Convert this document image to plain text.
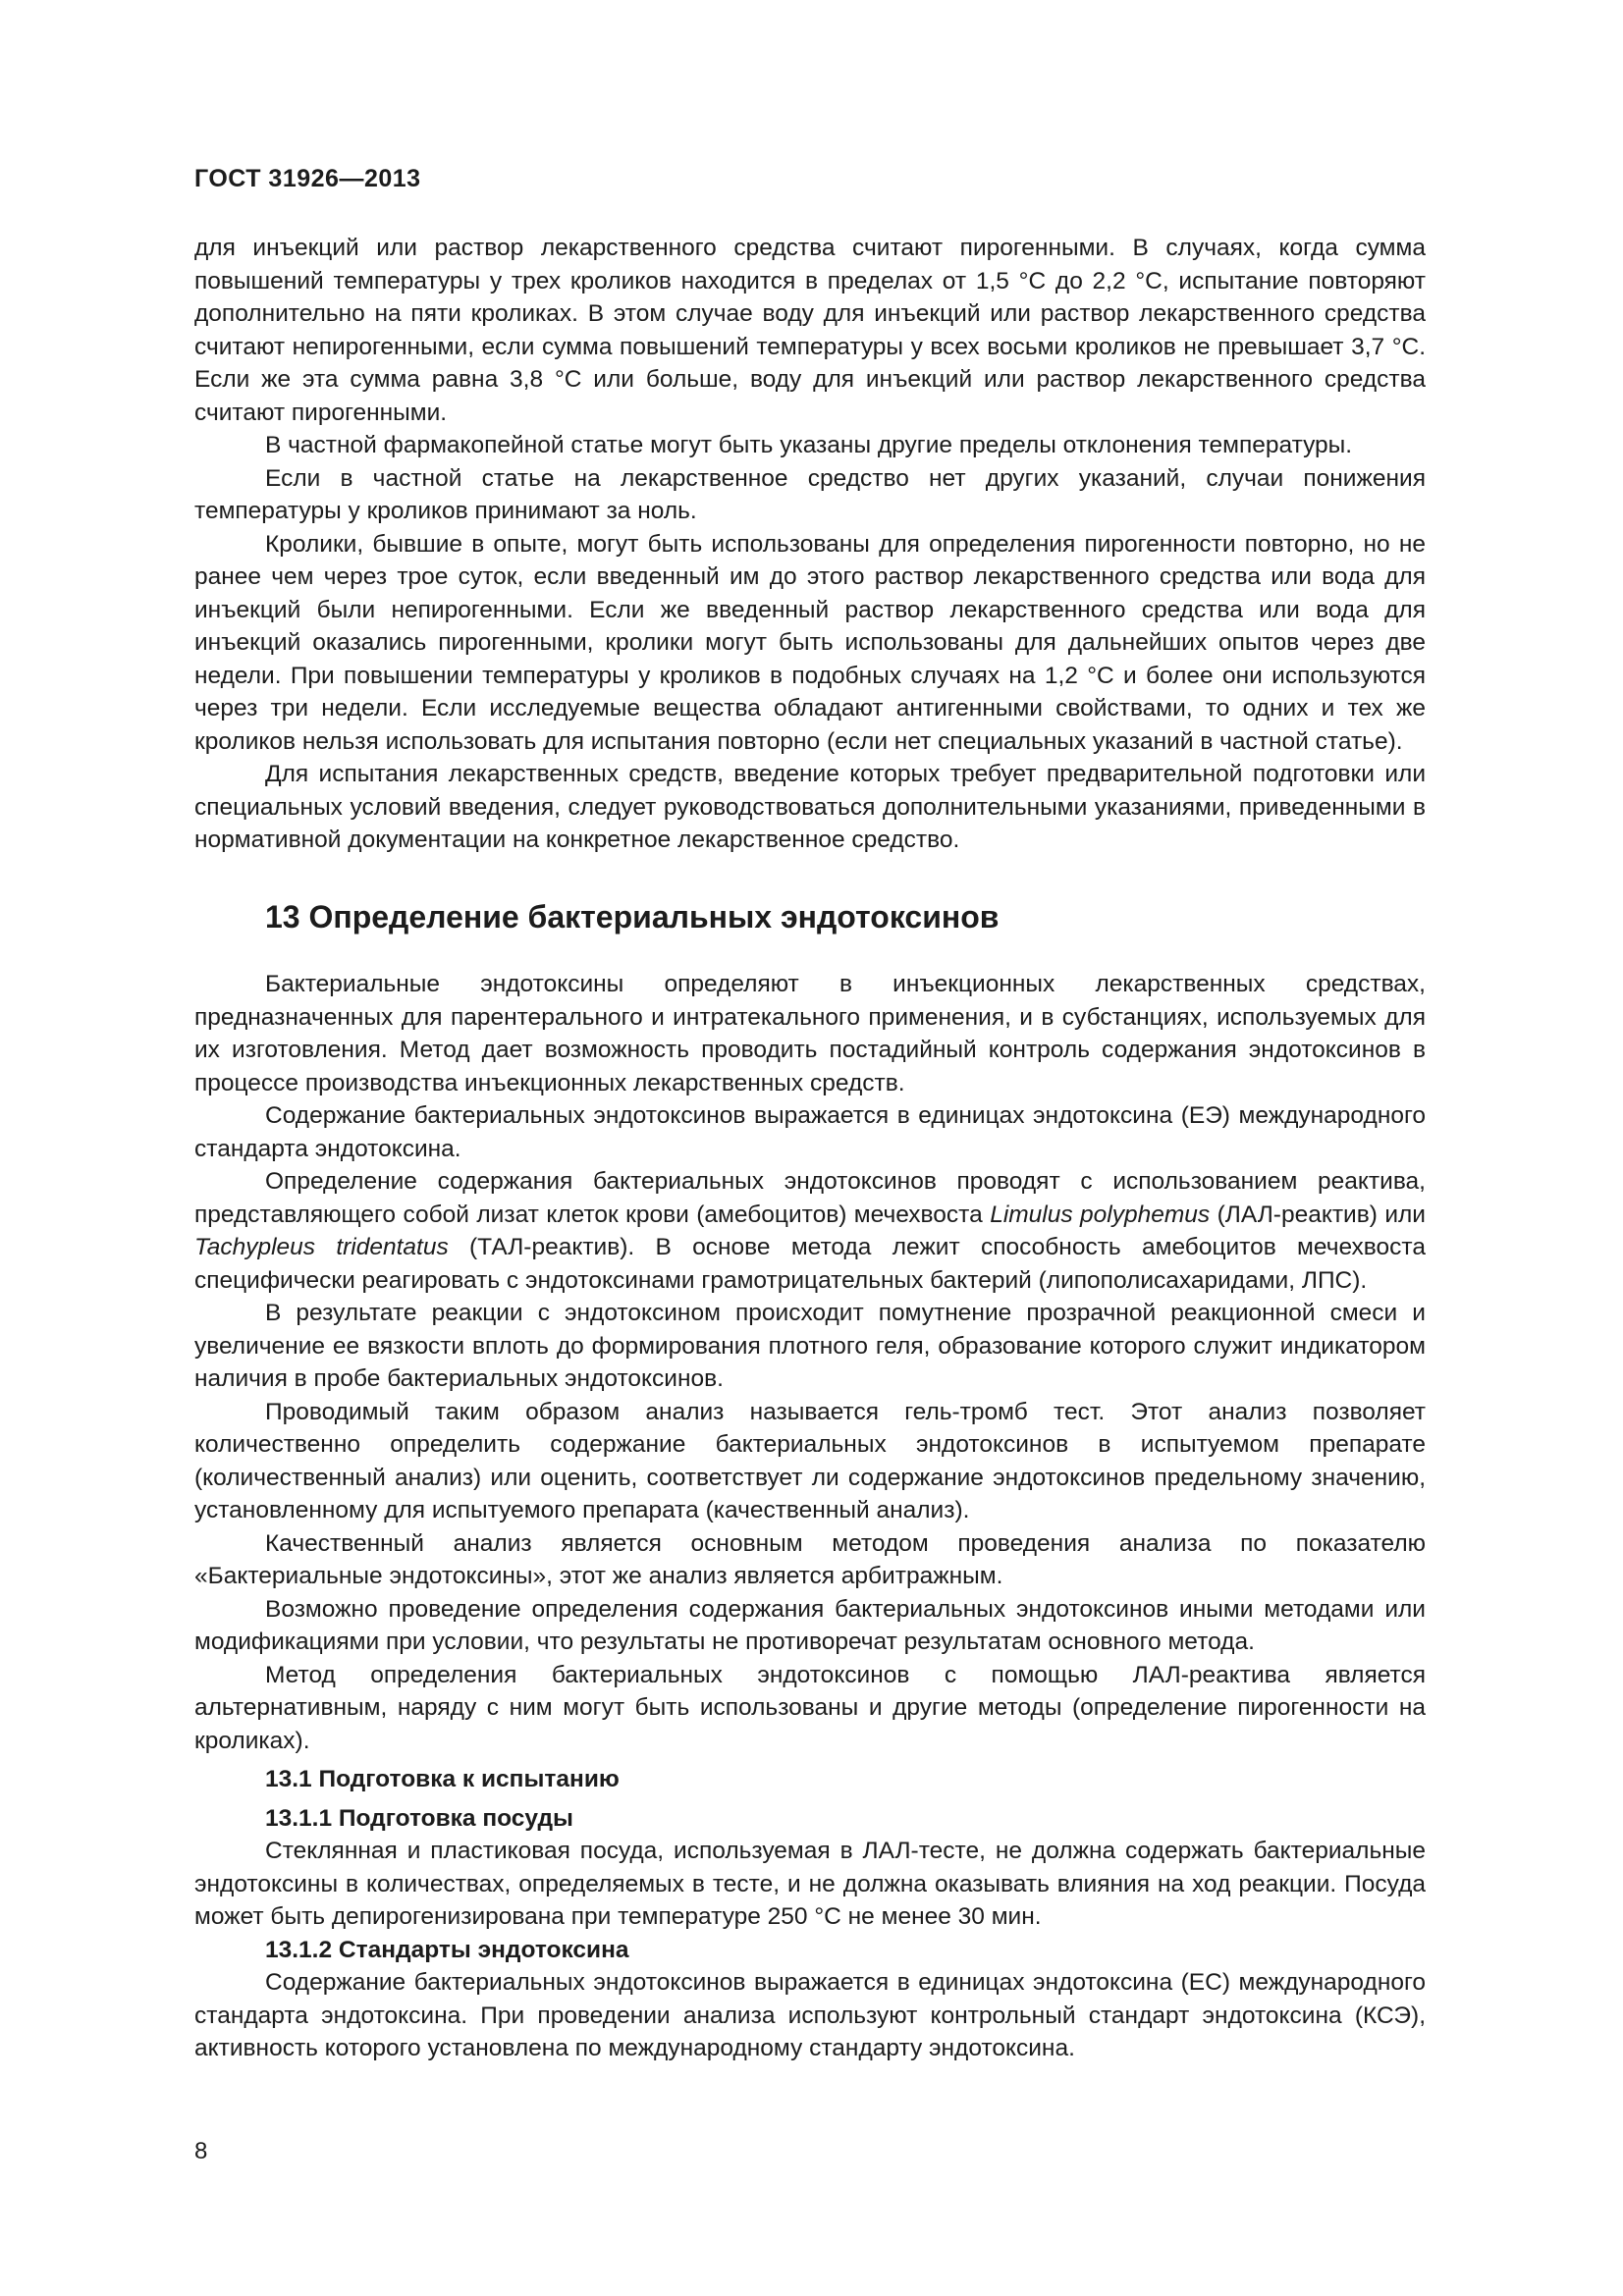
ГОСТ 31926—2013

для инъекций или раствор лекарственного средства считают пирогенными. В случаях, когда сумма повышений температуры у трех кроликов находится в пределах от 1,5 °С до 2,2 °С, испытание повторяют дополнительно на пяти кроликах. В этом случае воду для инъекций или раствор лекарственного средства считают непирогенными, если сумма повышений температуры у всех восьми кроликов не превышает 3,7 °С. Если же эта сумма равна 3,8 °С или больше, воду для инъекций или раствор лекарственного средства считают пирогенными.

В частной фармакопейной статье могут быть указаны другие пределы отклонения температуры.

Если в частной статье на лекарственное средство нет других указаний, случаи понижения температуры у кроликов принимают за ноль.

Кролики, бывшие в опыте, могут быть использованы для определения пирогенности повторно, но не ранее чем через трое суток, если введенный им до этого раствор лекарственного средства или вода для инъекций были непирогенными. Если же введенный раствор лекарственного средства или вода для инъекций оказались пирогенными, кролики могут быть использованы для дальнейших опытов через две недели. При повышении температуры у кроликов в подобных случаях на 1,2 °С и более они используются через три недели. Если исследуемые вещества обладают антигенными свойствами, то одних и тех же кроликов нельзя использовать для испытания повторно (если нет специальных указаний в частной статье).

Для испытания лекарственных средств, введение которых требует предварительной подготовки или специальных условий введения, следует руководствоваться дополнительными указаниями, приведенными в нормативной документации на конкретное лекарственное средство.

13 Определение бактериальных эндотоксинов

Бактериальные эндотоксины определяют в инъекционных лекарственных средствах, предназначенных для парентерального и интратекального применения, и в субстанциях, используемых для их изготовления. Метод дает возможность проводить постадийный контроль содержания эндотоксинов в процессе производства инъекционных лекарственных средств.

Содержание бактериальных эндотоксинов выражается в единицах эндотоксина (ЕЭ) международного стандарта эндотоксина.

Определение содержания бактериальных эндотоксинов проводят с использованием реактива, представляющего собой лизат клеток крови (амебоцитов) мечехвоста Limulus polyphemus (ЛАЛ-реактив) или Tachypleus tridentatus (ТАЛ-реактив). В основе метода лежит способность амебоцитов мечехвоста специфически реагировать с эндотоксинами грамотрицательных бактерий (липополисахаридами, ЛПС).

В результате реакции с эндотоксином происходит помутнение прозрачной реакционной смеси и увеличение ее вязкости вплоть до формирования плотного геля, образование которого служит индикатором наличия в пробе бактериальных эндотоксинов.

Проводимый таким образом анализ называется гель-тромб тест. Этот анализ позволяет количественно определить содержание бактериальных эндотоксинов в испытуемом препарате (количественный анализ) или оценить, соответствует ли содержание эндотоксинов предельному значению, установленному для испытуемого препарата (качественный анализ).

Качественный анализ является основным методом проведения анализа по показателю «Бактериальные эндотоксины», этот же анализ является арбитражным.

Возможно проведение определения содержания бактериальных эндотоксинов иными методами или модификациями при условии, что результаты не противоречат результатам основного метода.

Метод определения бактериальных эндотоксинов с помощью ЛАЛ-реактива является альтернативным, наряду с ним могут быть использованы и другие методы (определение пирогенности на кроликах).

13.1 Подготовка к испытанию

13.1.1 Подготовка посуды

Стеклянная и пластиковая посуда, используемая в ЛАЛ-тесте, не должна содержать бактериальные эндотоксины в количествах, определяемых в тесте, и не должна оказывать влияния на ход реакции. Посуда может быть депирогенизирована при температуре 250 °С не менее 30 мин.

13.1.2 Стандарты эндотоксина

Содержание бактериальных эндотоксинов выражается в единицах эндотоксина (ЕС) международного стандарта эндотоксина. При проведении анализа используют контрольный стандарт эндотоксина (КСЭ), активность которого установлена по международному стандарту эндотоксина.

8
